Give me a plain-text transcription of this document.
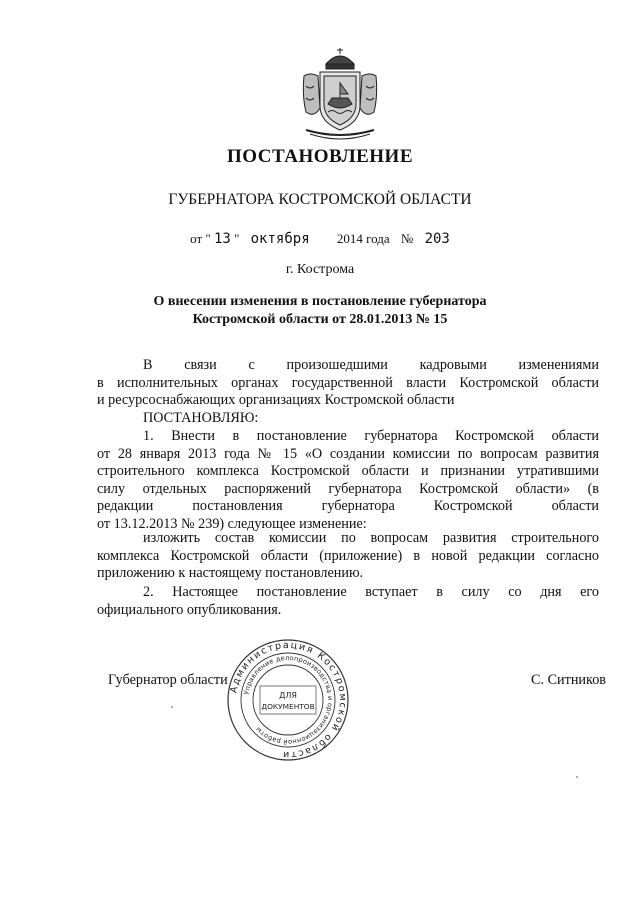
ПОСТАНОВЛЕНИЕ
ГУБЕРНАТОРА КОСТРОМСКОЙ ОБЛАСТИ
от " 13 " октября 2014 года № 203
г. Кострома
О внесении изменения в постановление губернатора
Костромской области от 28.01.2013 № 15
В связи с произошедшими кадровыми изменениями
в исполнительных органах государственной власти Костромской области
и ресурсоснабжающих организациях Костромской области
ПОСТАНОВЛЯЮ:
1. Внести в постановление губернатора Костромской области
от 28 января 2013 года № 15 «О создании комиссии по вопросам развития
строительного комплекса Костромской области и признании утратившими
силу отдельных распоряжений губернатора Костромской области» (в
редакции постановления губернатора Костромской области
от 13.12.2013 № 239) следующее изменение:
изложить состав комиссии по вопросам развития строительного
комплекса Костромской области (приложение) в новой редакции согласно
приложению к настоящему постановлению.
2. Настоящее постановление вступает в силу со дня его
официального опубликования.
Губернатор области	С. Ситников
Администрация Костромской области
Управление делопроизводства и организационной работы
ДЛЯ
ДОКУМЕНТОВ
